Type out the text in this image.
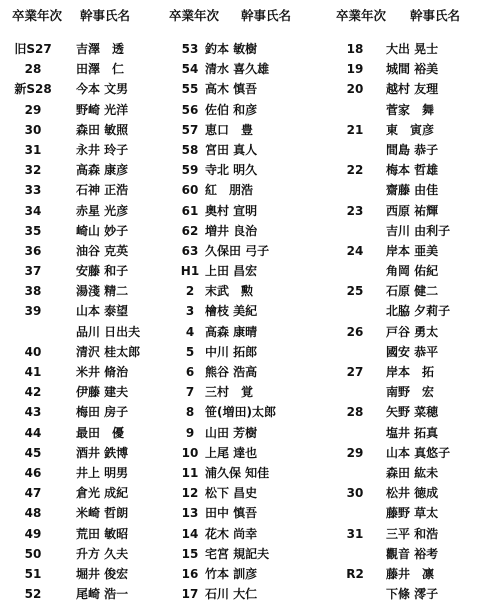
卒業年次 幹事氏名
旧S27 吉澤　透
28	田澤　仁
新S28 今本 文男
29	野崎 光洋
30	森田 敏照
31	永井 玲子
32	高森 康彦
33	石神 正浩
34	赤星 光彦
35	崎山 妙子
36	油谷 克英
37	安藤 和子
38	湯淺 精二
39	山本 泰望
品川 日出夫
40	清沢 桂太郎
41	米井 脩治
42	伊藤 建夫
43	梅田 房子
44	最田　優
45	酒井 鉄博
46	井上 明男
47	倉光 成紀
48	米崎 哲朗
49	荒田 敏昭
50	升方 久夫
51	堀井 俊宏
52	尾崎 浩一
卒業年次 幹事氏名
53 釣本 敏樹
54 清水 喜久雄
55 高木 慎吾
56 佐伯 和彦
57 恵口　豊
58 宮田 真人
59 寺北 明久
60 紅　朋浩
61 奥村 宣明
62 増井 良治
63 久保田 弓子
H1 上田 昌宏
2 末武　勲
3 檜枝 美紀
4 高森 康晴
5 中川 拓郎
6 熊谷 浩高
7 三村　覚
8 笹(増田)太郎
9 山田 芳樹
10 上尾 達也
11 浦久保 知佳
12 松下 昌史
13 田中 慎吾
14 花木 尚幸
15 宅宮 規記夫
16 竹本 訓彦
17 石川 大仁
卒業年次 幹事氏名
18	大出 晃士
19	城間 裕美
20	越村 友理
菅家　舞
21	東　寅彦
間島 恭子
22	梅本 哲雄
齋藤 由佳
23	西原 祐輝
吉川 由利子
24	岸本 亜美
角岡 佑紀
25	石原 健二
北脇 夕莉子
26	戸谷 勇太
國安 恭平
27	岸本　拓
南野　宏
28	矢野 菜穂
塩井 拓真
29	山本 真悠子
森田 紘未
30	松井 徳成
藤野 草太
31	三平 和浩
觀音 裕考
R2	藤井　凛
下條 澪子
